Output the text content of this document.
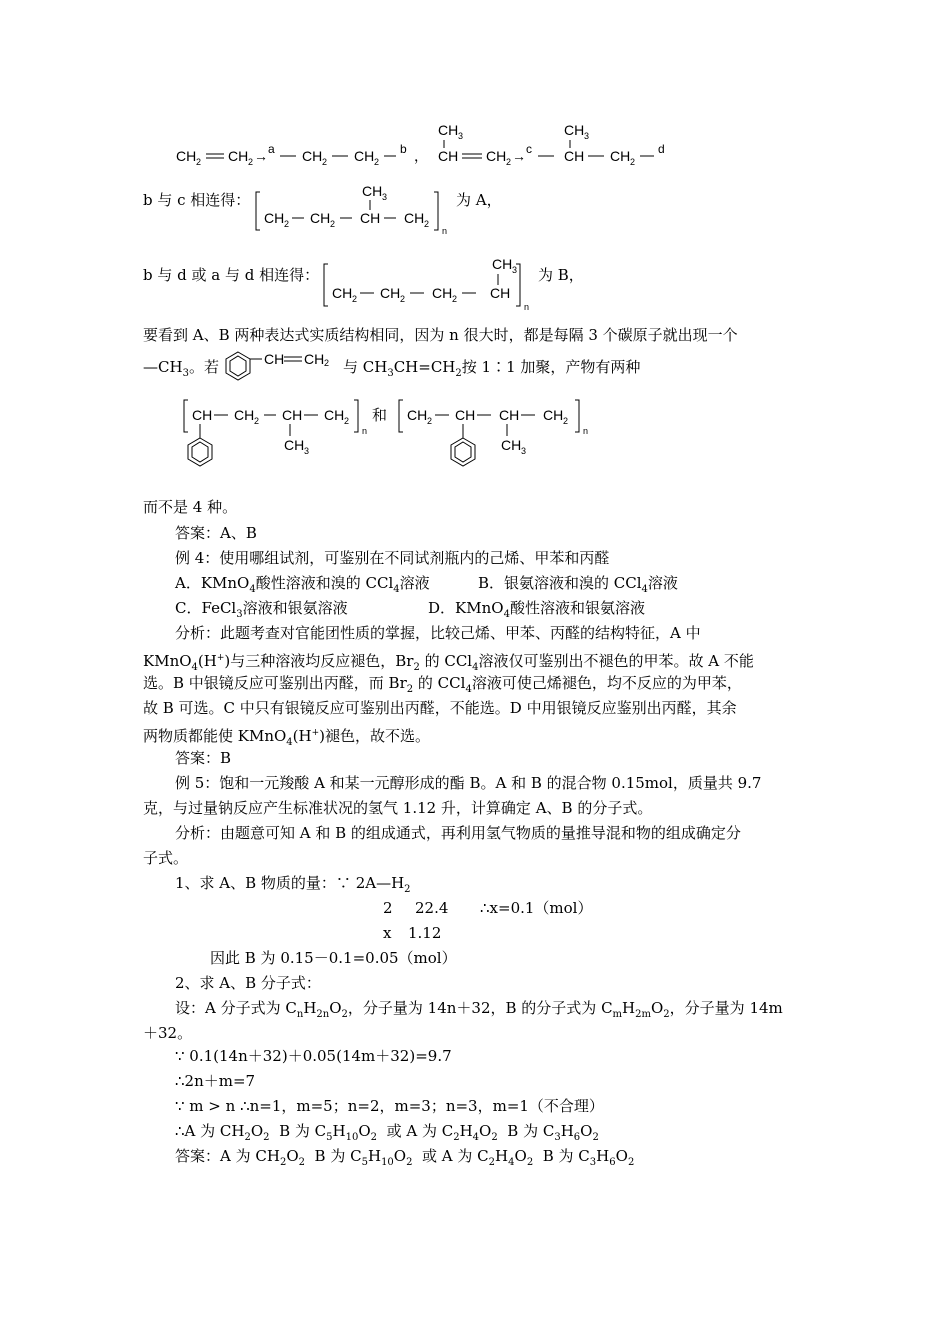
CH 2 CH 2 → a CH 2 CH 2
b ，
CH 3
CH CH 2 → c
CH 3
CH CH 2
d
b 与 c 相连得：
CH 2 CH 2
CH 3
CH CH 2
n
为 A，
b 与 d 或 a 与 d 相连得：
CH 2 CH 2 CH 2
CH 3
CH
n
为 B，
要看到 A、B 两种表达式实质结构相同，因为 n 很大时，都是每隔 3 个碳原子就出现一个
$—CH_3$。若	CH CH 2 与 $CH_3CH=CH_2$按 1∶1 加聚，产物有两种
CH CH 2 CH CH 2
n
CH 3
和 CH 2 CH CH CH 2
n
CH 3
而不是 4 种。
答案：A、B
例 4：使用哪组试剂，可鉴别在不同试剂瓶内的己烯、甲苯和丙醛
A．KMnO$_4$酸性溶液和溴的 CCl$_4$溶液	B．银氨溶液和溴的 CCl$_4$溶液
C．FeCl$_3$溶液和银氨溶液	D．KMnO$_4$酸性溶液和银氨溶液
分析：此题考查对官能团性质的掌握，比较己烯、甲苯、丙醛的结构特征，A 中
KMnO$_4$(H+)与三种溶液均反应褪色，$Br_2$ 的 CCl$_4$溶液仅可鉴别出不褪色的甲苯。故 A 不能
选。B 中银镜反应可鉴别出丙醛，而 $Br_2$ 的 CCl$_4$溶液可使己烯褪色，均不反应的为甲苯，
故 B 可选。C 中只有银镜反应可鉴别出丙醛，不能选。D 中用银镜反应鉴别出丙醛，其余
两物质都能使 KMnO$_4$(H+)褪色，故不选。
答案：B
例 5：饱和一元羧酸 A 和某一元醇形成的酯 B。A 和 B 的混合物 0.15mol，质量共 9.7
克，与过量钠反应产生标准状况的氢气 1.12 升，计算确定 A、B 的分子式。
分析：由题意可知 A 和 B 的组成通式，再利用氢气物质的量推导混和物的组成确定分
子式。
1、求 A、B 物质的量：∵ $2A—H_2$
2 22.4 ∴x=0.1（mol）
x 1.12
因此 B 为 0.15－0.1=0.05（mol）
2、求 A、B 分子式：
设：A 分子式为 $C_nH_{2n}O_2$，分子量为 14n＋32，B 的分子式为 $C_mH_{2m}O_2$，分子量为 14m
＋32。
∵ 0.1(14n＋32)＋0.05(14m＋32)=9.7
∴2n＋m=7
∵ m > n ∴n=1，m=5；n=2，m=3；n=3，m=1（不合理）
∴A 为 $CH_2O_2$ B 为 $C_5H_{10}O_2$ 或 A 为 $C_2H_4O_2$ B 为 $C_3H_6O_2$
答案：A 为 $CH_2O_2$ B 为 $C_5H_{10}O_2$ 或 A 为 $C_2H_4O_2$ B 为 $C_3H_6O_2$
